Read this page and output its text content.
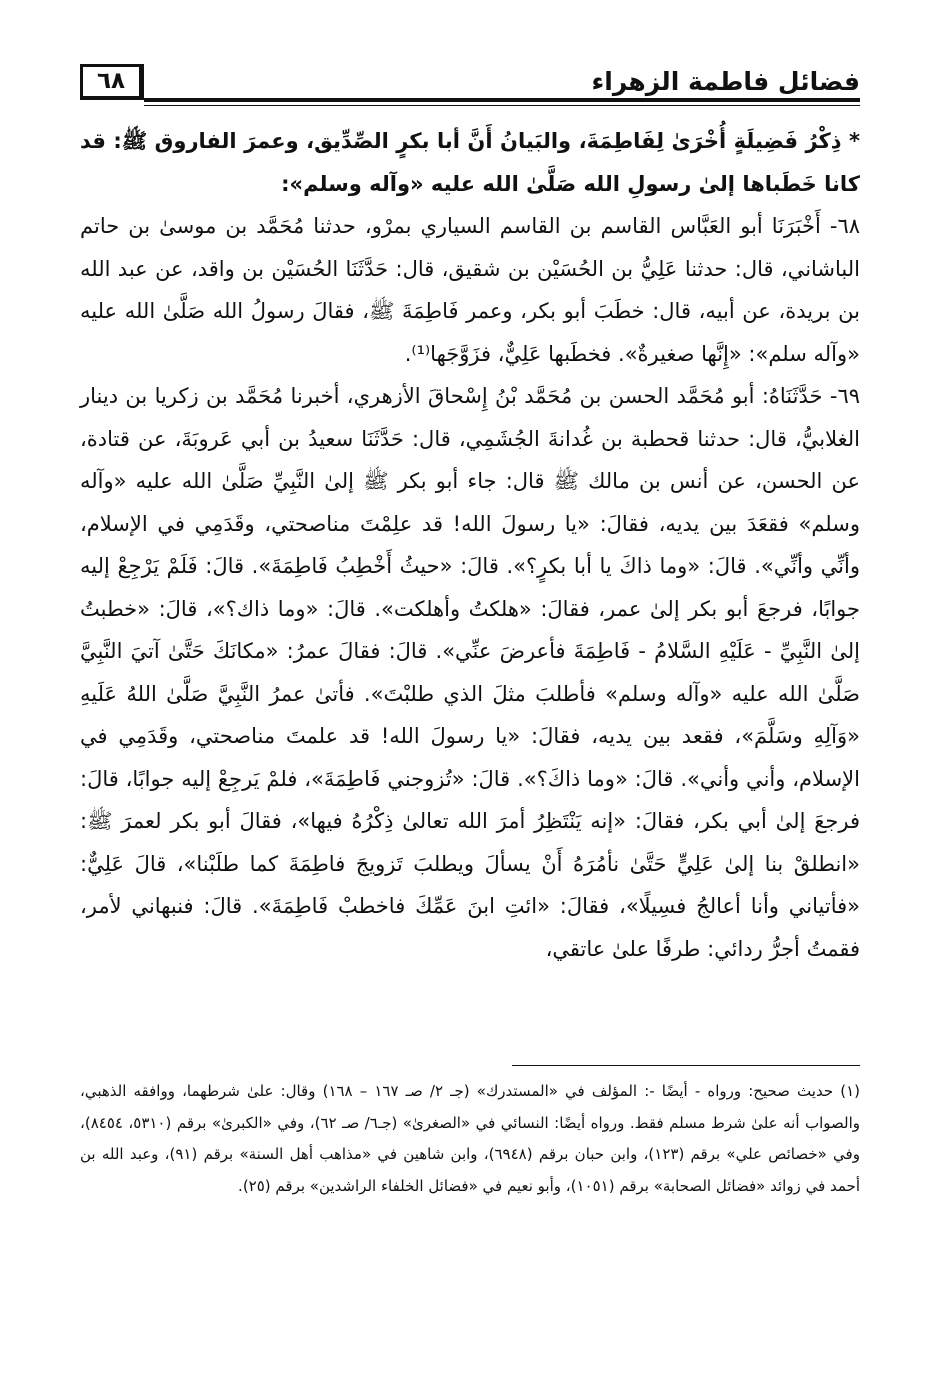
فضائل فاطمة الزهراء
٦٨

* ذِكْرُ فَضِيلَةٍ أُخْرَىٰ لِفَاطِمَةَ، والبَيانُ أَنَّ أبا بكرٍ الصِّدِّيق، وعمرَ الفاروق ﷺ: قد كانا خَطَباها إلىٰ رسولِ الله صَلَّىٰ الله عليه «وآله وسلم»:

٦٨- أَخْبَرَنَا أبو العَبَّاس القاسم بن القاسم السياري بمرْو، حدثنا مُحَمَّد بن موسىٰ بن حاتم الباشاني، قال: حدثنا عَلِيُّ بن الحُسَيْن بن شقيق، قال: حَدَّثَنَا الحُسَيْن بن واقد، عن عبد الله بن بريدة، عن أبيه، قال: خطَبَ أبو بكر، وعمر فَاطِمَةَ ﷺ، فقالَ رسولُ الله صَلَّىٰ الله عليه «وآله سلم»: «إِنَّها صغيرةٌ». فخطَبها عَلِيٌّ، فزَوَّجَها⁽¹⁾.

٦٩- حَدَّثَنَاهُ: أبو مُحَمَّد الحسن بن مُحَمَّد بْنُ إِسْحاقَ الأزهري، أخبرنا مُحَمَّد بن زكريا بن دينار الغلابيُّ، قال: حدثنا قحطبة بن غُدانةَ الجُشَمِي، قال: حَدَّثَنَا سعيدُ بن أبي عَروبَةَ، عن قتادة، عن الحسن، عن أنس بن مالك ﷺ قال: جاء أبو بكر ﷺ إلىٰ النَّبِيِّ صَلَّىٰ الله عليه «وآله وسلم» فقعَدَ بين يديه، فقالَ: «يا رسولَ الله! قد علِمْتَ مناصحتي، وقَدَمِي في الإسلام، وأنِّي وأنِّي». قالَ: «وما ذاكَ يا أبا بكرٍ؟». قالَ: «حيثُ أَخْطِبُ فَاطِمَةَ». قالَ: فَلَمْ يَرْجِعْ إليه جوابًا، فرجعَ أبو بكر إلىٰ عمر، فقالَ: «هلكتُ وأهلكت». قالَ: «وما ذاك؟»، قالَ: «خطبتُ إلىٰ النَّبِيِّ - عَلَيْهِ السَّلامُ - فَاطِمَةَ فأعرضَ عنِّي». قالَ: فقالَ عمرُ: «مكانَكَ حَتَّىٰ آتيَ النَّبِيَّ صَلَّىٰ الله عليه «وآله وسلم» فأطلبَ مثلَ الذي طلبْتَ». فأتىٰ عمرُ النَّبِيَّ صَلَّىٰ اللهُ عَلَيهِ «وَآلِهِ وسَلَّمَ»، فقعد بين يديه، فقالَ: «يا رسولَ الله! قد علمتَ مناصحتي، وقَدَمِي في الإسلام، وأني وأني». قالَ: «وما ذاكَ؟». قالَ: «تُزوجني فَاطِمَةَ»، فلمْ يَرجِعْ إليه جوابًا، قالَ: فرجعَ إلىٰ أبي بكر، فقالَ: «إنه يَنْتَظِرُ أمرَ الله تعالىٰ ذِكْرُهُ فيها»، فقالَ أبو بكر لعمرَ ﷺ: «انطلقْ بنا إلىٰ عَلِيٍّ حَتَّىٰ نأمُرَهُ أَنْ يسألَ ويطلبَ تَزويجَ فاطِمَةَ كما طلَبْنا»، قالَ عَلِيٌّ: «فأتياني وأنا أعالجُ فسِيلًا»، فقالَ: «ائتِ ابنَ عَمِّكَ فاخطبْ فَاطِمَةَ». قالَ: فنبهاني لأمر، فقمتُ أجرُّ ردائي: طرفًا علىٰ عاتقي،

(١) حديث صحيح: ورواه - أيضًا -: المؤلف في «المستدرك» (جـ ٢/ صـ ١٦٧ – ١٦٨) وقال: علىٰ شرطهما، ووافقه الذهبي، والصواب أنه علىٰ شرط مسلم فقط. ورواه أيضًا: النسائي في «الصغرىٰ» (جـ٦/ صـ ٦٢)، وفي «الكبرىٰ» برقم (٥٣١٠، ٨٤٥٤)، وفي «خصائص علي» برقم (١٢٣)، وابن حبان برقم (٦٩٤٨)، وابن شاهين في «مذاهب أهل السنة» برقم (٩١)، وعبد الله بن أحمد في زوائد «فضائل الصحابة» برقم (١٠٥١)، وأبو نعيم في «فضائل الخلفاء الراشدين» برقم (٢٥).
